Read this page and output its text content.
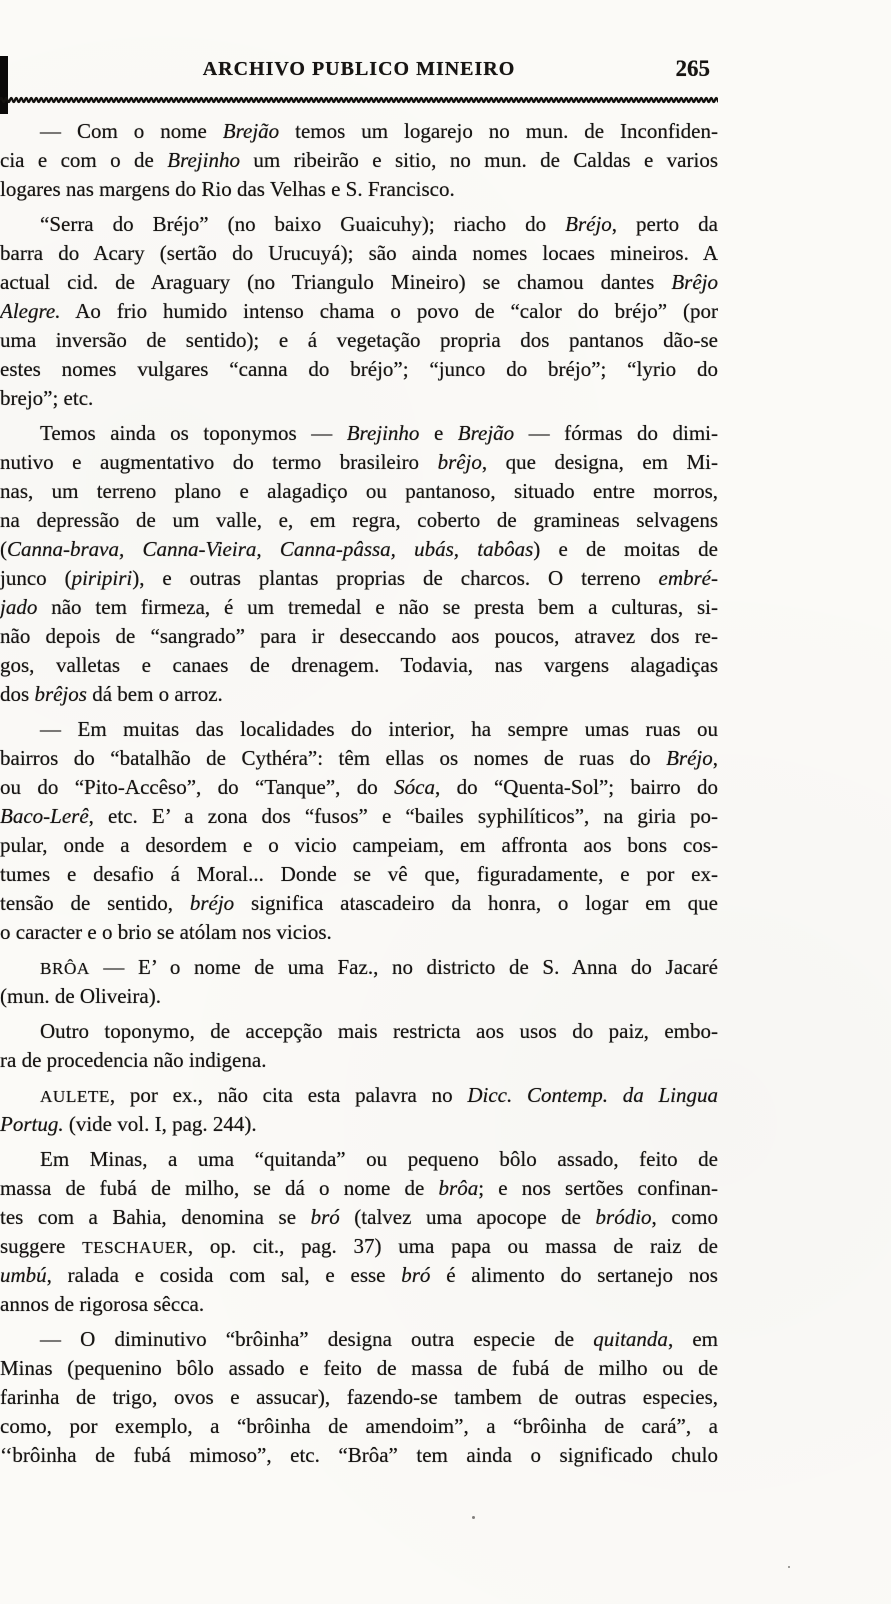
ARCHIVO PUBLICO MINEIRO	265
— Com o nome Brejão temos um logarejo no mun. de Inconfiden-
cia e com o de Brejinho um ribeirão e sitio, no mun. de Caldas e varios
logares nas margens do Rio das Velhas e S. Francisco.
“Serra do Bréjo” (no baixo Guaicuhy); riacho do Bréjo, perto da
barra do Acary (sertão do Urucuyá); são ainda nomes locaes mineiros. A
actual cid. de Araguary (no Triangulo Mineiro) se chamou dantes Brêjo
Alegre. Ao frio humido intenso chama o povo de “calor do bréjo” (por
uma inversão de sentido); e á vegetação propria dos pantanos dão-se
estes nomes vulgares “canna do bréjo”; “junco do bréjo”; “lyrio do
brejo”; etc.
Temos ainda os toponymos — Brejinho e Brejão — fórmas do dimi-
nutivo e augmentativo do termo brasileiro brêjo, que designa, em Mi-
nas, um terreno plano e alagadiço ou pantanoso, situado entre morros,
na depressão de um valle, e, em regra, coberto de gramineas selvagens
(Canna-brava, Canna-Vieira, Canna-pâssa, ubás, tabôas) e de moitas de
junco (piripiri), e outras plantas proprias de charcos. O terreno embré-
jado não tem firmeza, é um tremedal e não se presta bem a culturas, si-
não depois de “sangrado” para ir deseccando aos poucos, atravez dos re-
gos, valletas e canaes de drenagem. Todavia, nas vargens alagadiças
dos brêjos dá bem o arroz.
— Em muitas das localidades do interior, ha sempre umas ruas ou
bairros do “batalhão de Cythéra”: têm ellas os nomes de ruas do Bréjo,
ou do “Pito-Accêso”, do “Tanque”, do Sóca, do “Quenta-Sol”; bairro do
Baco-Lerê, etc. E’ a zona dos “fusos” e “bailes syphilíticos”, na giria po-
pular, onde a desordem e o vicio campeiam, em affronta aos bons cos-
tumes e desafio á Moral... Donde se vê que, figuradamente, e por ex-
tensão de sentido, bréjo significa atascadeiro da honra, o logar em que
o caracter e o brio se atólam nos vicios.
BRÔA — E’ o nome de uma Faz., no districto de S. Anna do Jacaré
(mun. de Oliveira).
Outro toponymo, de accepção mais restricta aos usos do paiz, embo-
ra de procedencia não indigena.
AULETE, por ex., não cita esta palavra no Dicc. Contemp. da Lingua
Portug. (vide vol. I, pag. 244).
Em Minas, a uma “quitanda” ou pequeno bôlo assado, feito de
massa de fubá de milho, se dá o nome de brôa; e nos sertões confinan-
tes com a Bahia, denomina se bró (talvez uma apocope de bródio, como
suggere TESCHAUER, op. cit., pag. 37) uma papa ou massa de raiz de
umbú, ralada e cosida com sal, e esse bró é alimento do sertanejo nos
annos de rigorosa sêcca.
— O diminutivo “brôinha” designa outra especie de quitanda, em
Minas (pequenino bôlo assado e feito de massa de fubá de milho ou de
farinha de trigo, ovos e assucar), fazendo-se tambem de outras especies,
como, por exemplo, a “brôinha de amendoim”, a “brôinha de cará”, a
‘‘brôinha de fubá mimoso”, etc. “Brôa” tem ainda o significado chulo
